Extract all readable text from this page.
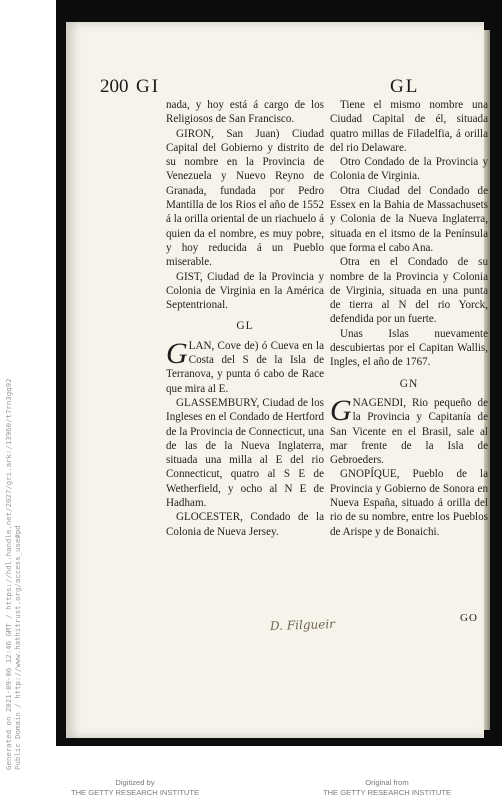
200 GI	GL

nada, y hoy está á cargo de los Religiosos de San Francisco.

GIRON, San Juan) Ciudad Capital del Gobierno y distrito de su nombre en la Provincia de Venezuela y Nuevo Reyno de Granada, fundada por Pedro Mantilla de los Rios el año de 1552 á la orilla oriental de un riachuelo á quien da el nombre, es muy pobre, y hoy reducida á un Pueblo miserable.

GIST, Ciudad de la Provincia y Colonia de Virginia en la América Septentrional.

GL

GLAN, Cove de) ó Cueva en la Costa del S de la Isla de Terranova, y punta ó cabo de Race que mira al E.

GLASSEMBURY, Ciudad de los Ingleses en el Condado de Hertford de la Provincia de Connecticut, una de las de la Nueva Inglaterra, situada una milla al E del rio Connecticut, quatro al S E de Wetherfield, y ocho al N E de Hadham.

GLOCESTER, Condado de la Colonia de Nueva Jersey.

Tiene el mismo nombre una Ciudad Capital de él, situada quatro millas de Filadelfia, á orilla del rio Delaware.

Otro Condado de la Provincia y Colonia de Virginia.

Otra Ciudad del Condado de Essex en la Bahia de Massachusets y Colonia de la Nueva Inglaterra, situada en el itsmo de la Península que forma el cabo Ana.

Otra en el Condado de su nombre de la Provincia y Colonia de Virginia, situada en una punta de tierra al N del rio Yorck, defendida por un fuerte.

Unas Islas nuevamente descubiertas por el Capitan Wallis, Ingles, el año de 1767.

GN

GNAGENDI, Rio pequeño de la Provincia y Capitanía de San Vicente en el Brasil, sale al mar frente de la Isla de Gebroeders.

GNOPÍQUE, Pueblo de la Provincia y Gobierno de Sonora en Nueva España, situado á orilla del rio de su nombre, entre los Pueblos de Arispe y de Bonaichi.

D. Filgueir	GO
Generated on 2021-09-06 12:46 GMT / https://hdl.handle.net/2027/gri.ark:/13960/t7rn3gq92 Public Domain / http://www.hathitrust.org/access_use#pd
Digitized by
THE GETTY RESEARCH INSTITUTE
Original from
THE GETTY RESEARCH INSTITUTE
